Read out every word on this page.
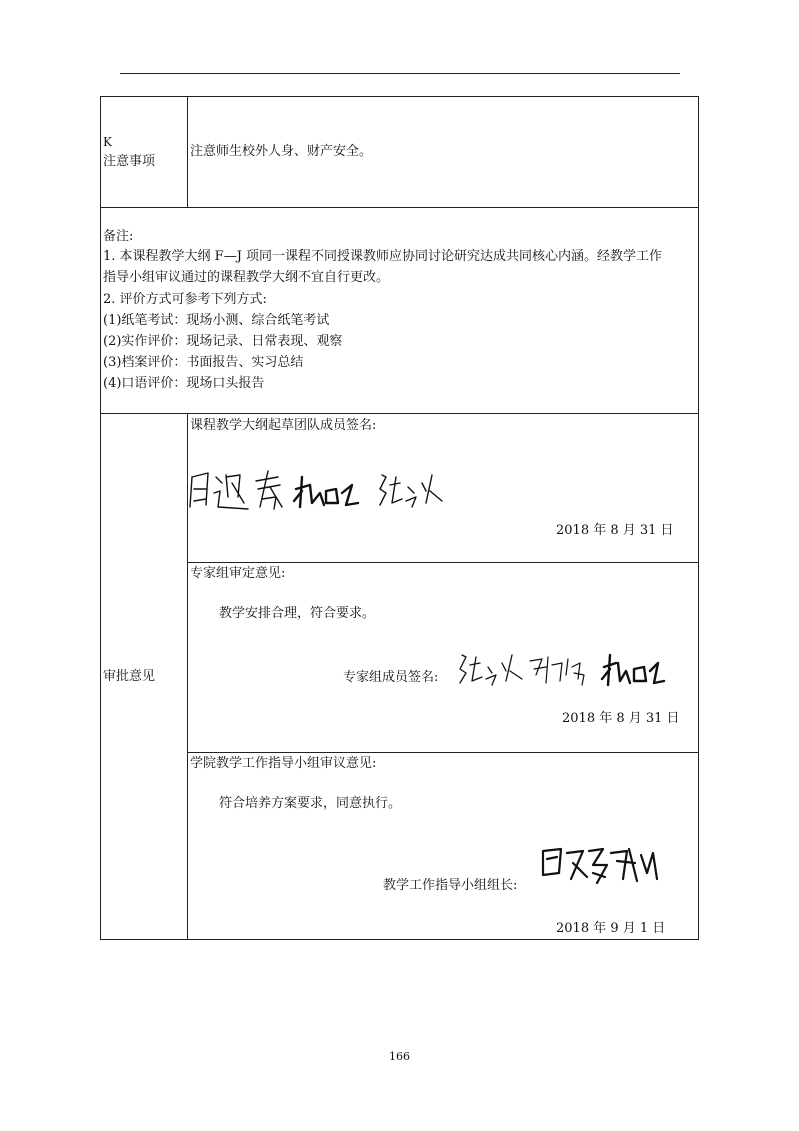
K
注意事项
注意师生校外人身、财产安全。
备注:
1. 本课程教学大纲 F—J 项同一课程不同授课教师应协同讨论研究达成共同核心内涵。经教学工作
指导小组审议通过的课程教学大纲不宜自行更改。
2. 评价方式可参考下列方式:
(1)纸笔考试：现场小测、综合纸笔考试
(2)实作评价：现场记录、日常表现、观察
(3)档案评价：书面报告、实习总结
(4)口语评价：现场口头报告
审批意见
课程教学大纲起草团队成员签名:
2018 年 8 月 31 日
专家组审定意见:
教学安排合理，符合要求。
专家组成员签名:
2018 年 8 月 31 日
学院教学工作指导小组审议意见:
符合培养方案要求，同意执行。
教学工作指导小组组长:
2018 年 9 月 1 日
166
